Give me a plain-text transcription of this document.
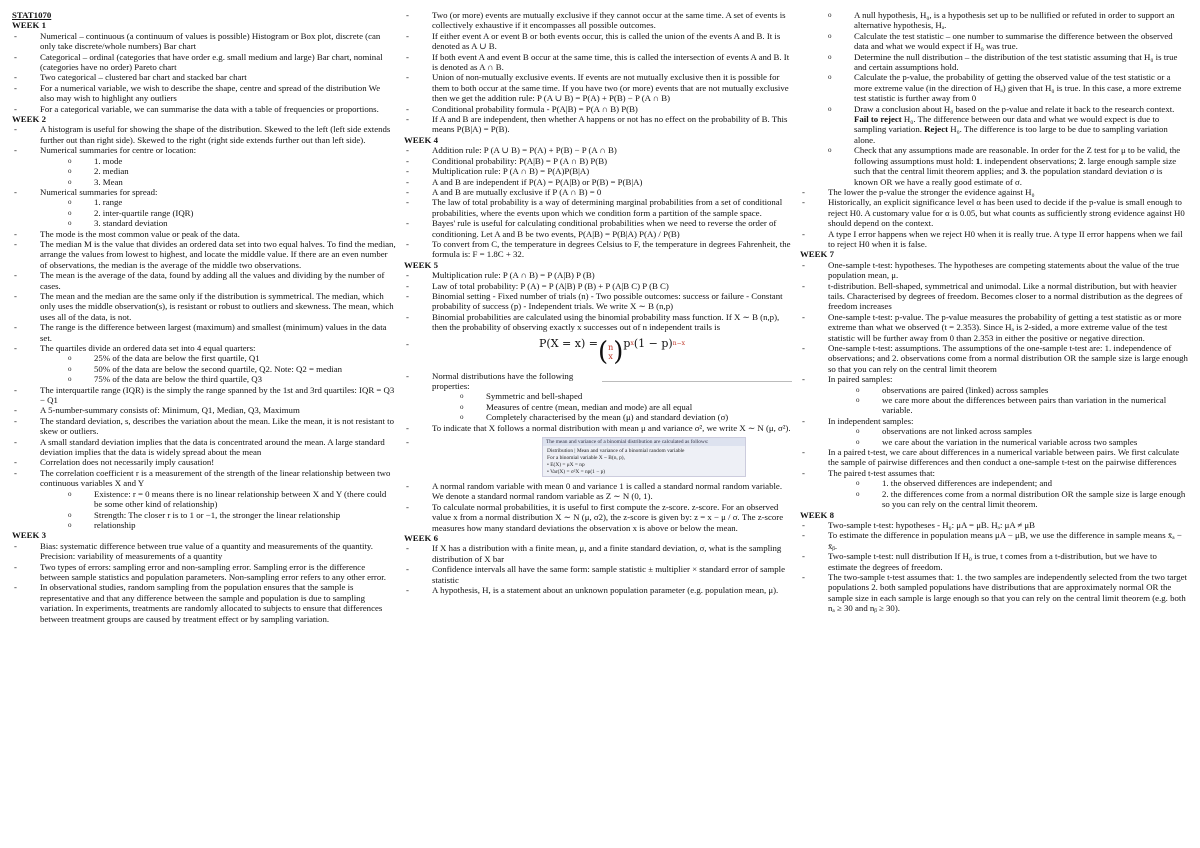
STAT1070

WEEK 1

- Numerical – continuous (a continuum of values is possible) Histogram or Box plot, discrete (can only take discrete/whole numbers) Bar chart
- Categorical – ordinal (categories that have order e.g. small medium and large) Bar chart, nominal (categories have no order) Pareto chart
- Two categorical – clustered bar chart and stacked bar chart
- For a numerical variable, we wish to describe the shape, centre and spread of the distribution We also may wish to highlight any outliers
- For a categorical variable, we can summarise the data with a table of frequencies or proportions.

WEEK 2

- A histogram is useful for showing the shape of the distribution. Skewed to the left (left side extends further out than right side). Skewed to the right (right side extends further out than left side).
- Numerical summaries for centre or location:
o 1. mode
o 2. median
o 3. Mean
- Numerical summaries for spread:
o 1. range
o 2. inter-quartile range (IQR)
o 3. standard deviation
- The mode is the most common value or peak of the data.
- The median M is the value that divides an ordered data set into two equal halves. To find the median, arrange the values from lowest to highest, and locate the middle value. If there are an even number of observations, the median is the average of the middle two observations.
- The mean is the average of the data, found by adding all the values and dividing by the number of cases.
- The mean and the median are the same only if the distribution is symmetrical. The median, which only uses the middle observation(s), is resistant or robust to outliers and skewness. The mean, which uses all of the data, is not.
- The range is the difference between largest (maximum) and smallest (minimum) values in the data set.
- The quartiles divide an ordered data set into 4 equal quarters:
o 25% of the data are below the first quartile, Q1
o 50% of the data are below the second quartile, Q2. Note: Q2 = median
o 75% of the data are below the third quartile, Q3
- The interquartile range (IQR) is the simply the range spanned by the 1st and 3rd quartiles: IQR = Q3 − Q1
- A 5-number-summary consists of: Minimum, Q1, Median, Q3, Maximum
- The standard deviation, s, describes the variation about the mean. Like the mean, it is not resistant to skew or outliers.
- A small standard deviation implies that the data is concentrated around the mean. A large standard deviation implies that the data is widely spread about the mean
- Correlation does not necessarily imply causation!
- The correlation coefficient r is a measurement of the strength of the linear relationship between two continuous variables X and Y
o Existence: r = 0 means there is no linear relationship between X and Y (there could be some other kind of relationship)
o Strength: The closer r is to 1 or −1, the stronger the linear relationship
o relationship

WEEK 3

- Bias: systematic difference between true value of a quantity and measurements of the quantity. Precision: variability of measurements of a quantity
- Two types of errors: sampling error and non-sampling error. Sampling error is the difference between sample statistics and population parameters. Non-sampling error refers to any other error.
- In observational studies, random sampling from the population ensures that the sample is representative and that any difference between the sample and population is due to sampling variation. In experiments, treatments are randomly allocated to subjects to ensure that differences between treatment groups are caused by treatment effect or by sampling variation.
- Two (or more) events are mutually exclusive if they cannot occur at the same time. A set of events is collectively exhaustive if it encompasses all possible outcomes.
- If either event A or event B or both events occur, this is called the union of the events A and B. It is denoted as A ∪ B.
- If both event A and event B occur at the same time, this is called the intersection of events A and B. It is denoted as A ∩ B.
- Union of non-mutually exclusive events. If events are not mutually exclusive then it is possible for them to both occur at the same time. If you have two (or more) events that are not mutually exclusive then we get the addition rule: P (A ∪ B) = P(A) + P(B) − P (A ∩ B)
- Conditional probability formula - P(A|B) = P(A ∩ B) P(B)
- If A and B are independent, then whether A happens or not has no effect on the probability of B. This means P(B|A) = P(B).

WEEK 4

- Addition rule: P (A ∪ B) = P(A) + P(B) − P (A ∩ B)
- Conditional probability: P(A|B) = P (A ∩ B) P(B)
- Multiplication rule: P (A ∩ B) = P(A)P(B|A)
- A and B are independent if P(A) = P(A|B) or P(B) = P(B|A)
- A and B are mutually exclusive if P (A ∩ B) = 0
- The law of total probability is a way of determining marginal probabilities from a set of conditional probabilities, where the events upon which we condition form a partition of the sample space.
- Bayes' rule is useful for calculating conditional probabilities when we need to reverse the order of conditioning. Let A and B be two events, P(A|B) = P(B|A) P(A) / P(B)
- To convert from C, the temperature in degrees Celsius to F, the temperature in degrees Fahrenheit, the formula is: F = 1.8C + 32.

WEEK 5

- Multiplication rule: P (A ∩ B) = P (A|B) P (B)
- Law of total probability: P (A) = P (A|B) P (B) + P (A|B C) P (B C)
- Binomial setting - Fixed number of trials (n) - Two possible outcomes: success or failure - Constant probability of success (p) - Independent trials. We write X ∼ B (n,p)
- Binomial probabilities are calculated using the binomial probability mass function. If X ∼ B (n,p), then the probability of observing exactly x successes out of n independent trails is
- P(X = x) = ( n
x ) p x (1 − p) n−x
- Normal distributions have the following properties:
o Symmetric and bell-shaped
o Measures of centre (mean, median and mode) are all equal
o Completely characterised by the mean (μ) and standard deviation (σ)
- To indicate that X follows a normal distribution with mean μ and variance σ², we write X ∼ N (μ, σ²).
- The mean and variance of a binomial distribution are calculated as follows:
Distribution | Mean and variance of a binomial random variable
For a binomial variable X ~ B(n, p),
• E(X) = μX = np
• Var(X) = σ²X = np(1 − p)
- A normal random variable with mean 0 and variance 1 is called a standard normal random variable. We denote a standard normal random variable as Z ∼ N (0, 1).
- To calculate normal probabilities, it is useful to first compute the z-score. z-score. For an observed value x from a normal distribution X ∼ N (μ, σ2), the z-score is given by: z = x − μ / σ. The z-score measures how many standard deviations the observation x is above or below the mean.

WEEK 6

- If X has a distribution with a finite mean, μ, and a finite standard deviation, σ, what is the sampling distribution of X bar
- Confidence intervals all have the same form: sample statistic ± multiplier × standard error of sample statistic
- A hypothesis, H, is a statement about an unknown population parameter (e.g. population mean, μ).
o A null hypothesis, H₀, is a hypothesis set up to be nullified or refuted in order to support an alternative hypothesis, Hₐ.
o Calculate the test statistic – one number to summarise the difference between the observed data and what we would expect if H₀ was true.
o Determine the null distribution – the distribution of the test statistic assuming that H₀ is true and certain assumptions hold.
o Calculate the p-value, the probability of getting the observed value of the test statistic or a more extreme value (in the direction of Hₐ) given that H₀ is true. In this case, a more extreme test statistic is further away from 0
o Draw a conclusion about H₀ based on the p-value and relate it back to the research context. Fail to reject H₀. The difference between our data and what we would expect is due to sampling variation. Reject H₀. The difference is too large to be due to sampling variation alone.
o Check that any assumptions made are reasonable. In order for the Z test for μ to be valid, the following assumptions must hold: 1. independent observations; 2. large enough sample size such that the central limit theorem applies; and 3. the population standard deviation σ is known OR we have a really good estimate of σ.
- The lower the p-value the stronger the evidence against H₀
- Historically, an explicit significance level α has been used to decide if the p-value is small enough to reject H0. A customary value for α is 0.05, but what counts as sufficiently strong evidence against H0 should depend on the context.
- A type I error happens when we reject H0 when it is really true. A type II error happens when we fail to reject H0 when it is false.

WEEK 7

- One-sample t-test: hypotheses. The hypotheses are competing statements about the value of the true population mean, μ.
- t-distribution. Bell-shaped, symmetrical and unimodal. Like a normal distribution, but with heavier tails. Characterised by degrees of freedom. Becomes closer to a normal distribution as the degrees of freedom increases
- One-sample t-test: p-value. The p-value measures the probability of getting a test statistic as or more extreme than what we observed (t = 2.353). Since Hₐ is 2-sided, a more extreme value of the test statistic will be further away from 0 than 2.353 in either the positive or negative direction.
- One-sample t-test: assumptions. The assumptions of the one-sample t-test are: 1. independence of observations; and 2. observations come from a normal distribution OR the sample size is large enough so that you can rely on the central limit theorem
- In paired samples:
o observations are paired (linked) across samples
o we care more about the differences between pairs than variation in the numerical variable.
- In independent samples:
o observations are not linked across samples
o we care about the variation in the numerical variable across two samples
- In a paired t-test, we care about differences in a numerical variable between pairs. We first calculate the sample of pairwise differences and then conduct a one-sample t-test on the pairwise differences
- The paired t-test assumes that:
o 1. the observed differences are independent; and
o 2. the differences come from a normal distribution OR the sample size is large enough so you can rely on the central limit theorem.

WEEK 8

- Two-sample t-test: hypotheses - H₀: μA = μB. Hₐ: μA ≠ μB
- To estimate the difference in population means μA − μB, we use the difference in sample means x̄ₐ − x̄ᵦ.
- Two-sample t-test: null distribution If H₀ is true, t comes from a t-distribution, but we have to estimate the degrees of freedom.
- The two-sample t-test assumes that: 1. the two samples are independently selected from the two target populations 2. both sampled populations have distributions that are approximately normal OR the sample size in each sample is large enough so that you can rely on the central limit theorem (e.g. both nₐ ≥ 30 and nᵦ ≥ 30).
